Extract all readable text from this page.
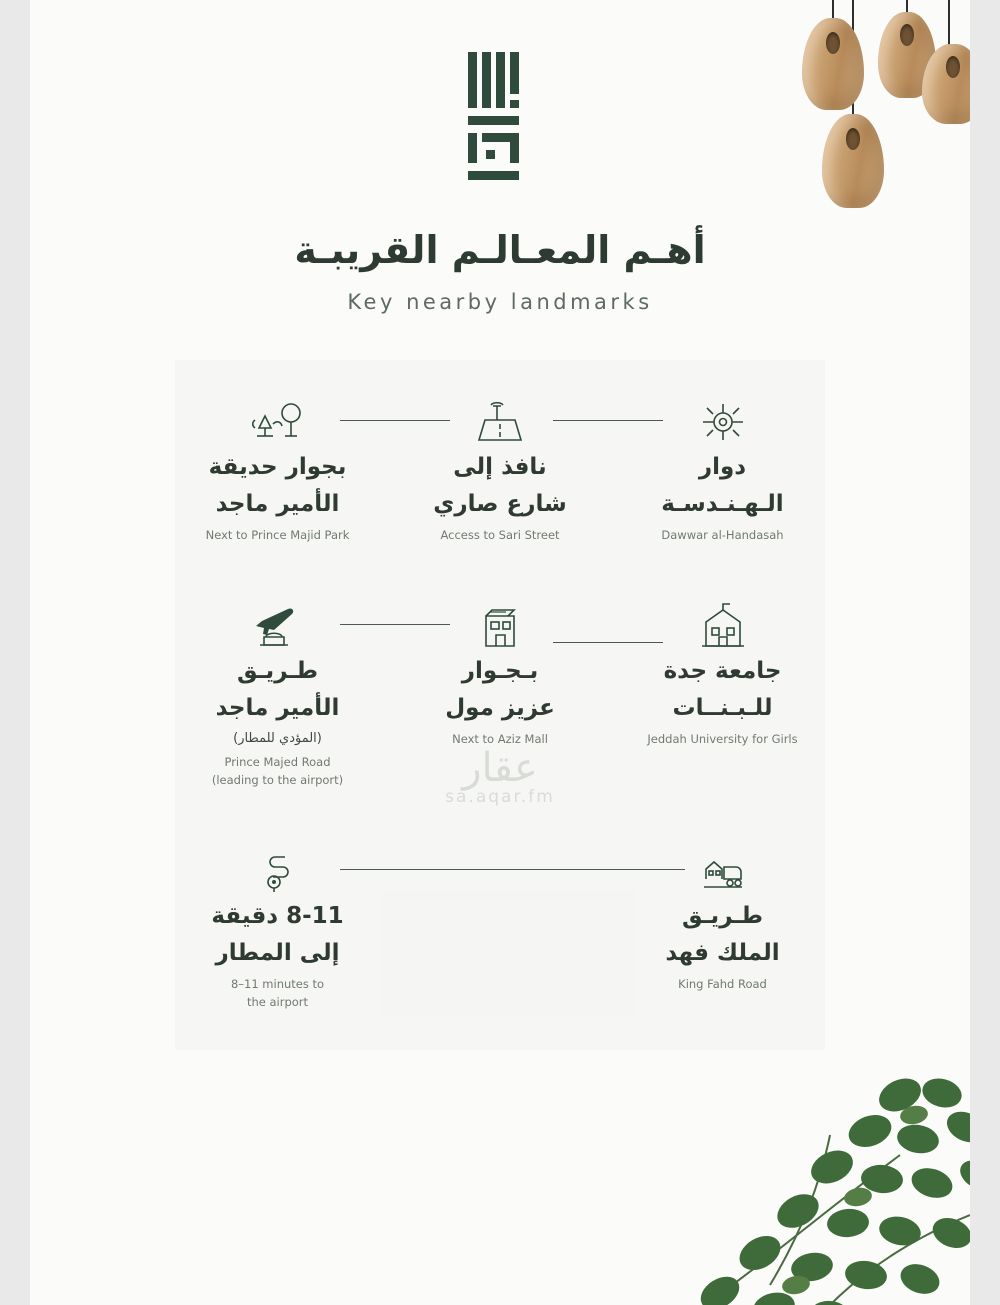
أهـم المعـالـم القريبـة
Key nearby landmarks
عقار
sa.aqar.fm
بجوار حديقة
الأمير ماجد
Next to Prince Majid Park
نافذ إلى
شارع صاري
Access to Sari Street
دوار
الـهـنـدسـة
Dawwar al-Handasah
طـريـق
الأمير ماجد
(المؤدي للمطار)
Prince Majed Road
(leading to the airport)
بـجـوار
عزيز مول
Next to Aziz Mall
جامعة جدة
للـبـنــات
Jeddah University for Girls
8-11 دقيقة
إلى المطار
8–11 minutes to
the airport
طـريـق
الملك فهد
King Fahd Road
